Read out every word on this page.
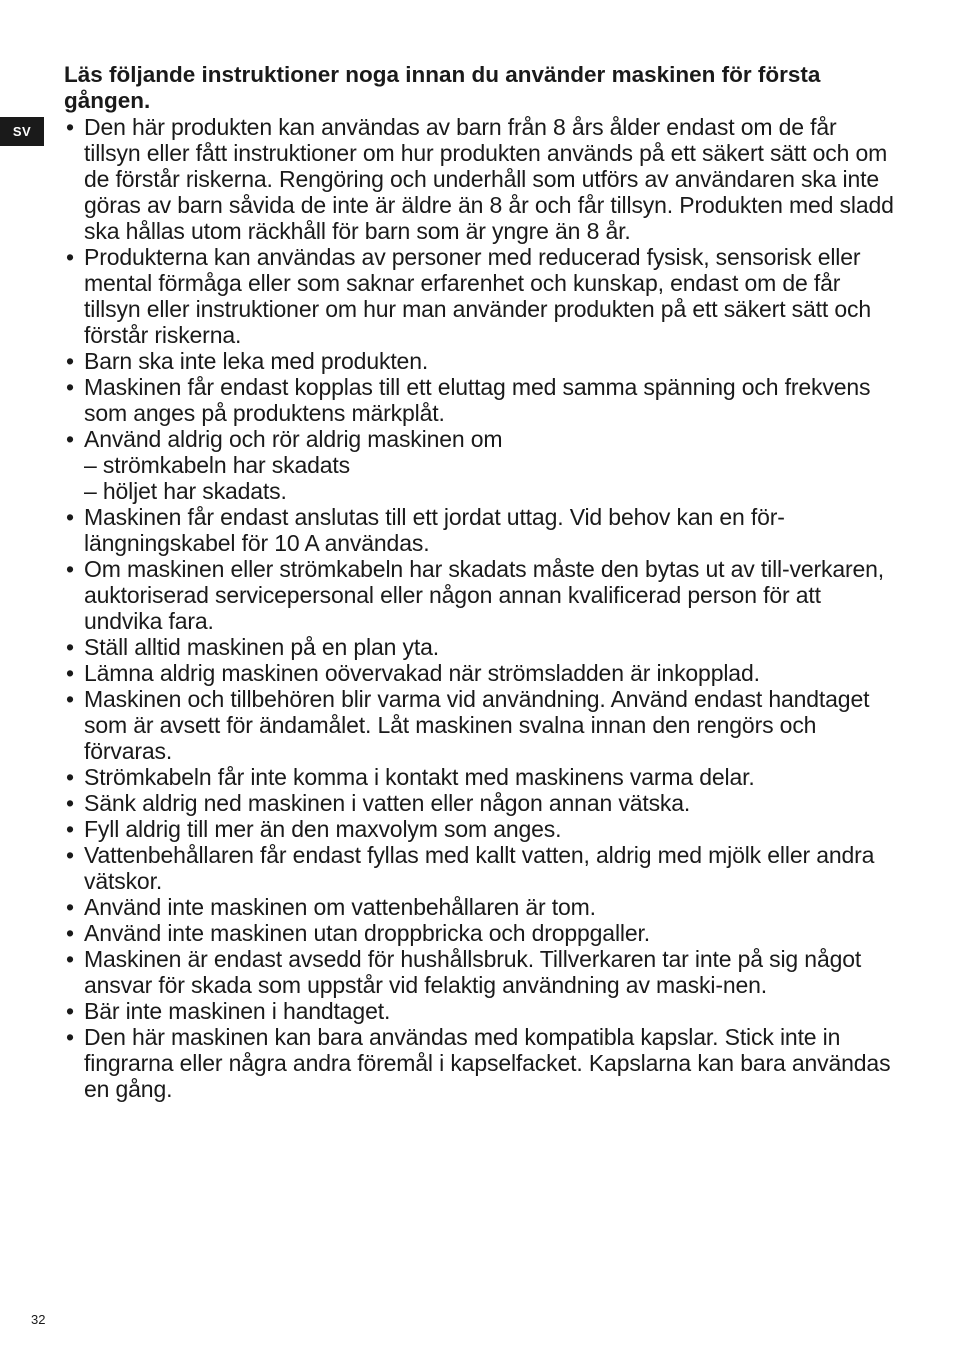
SV
Läs följande instruktioner noga innan du använder maskinen för första gången.
• Den här produkten kan användas av barn från 8 års ålder endast om de får tillsyn eller fått instruktioner om hur produkten används på ett säkert sätt och om de förstår riskerna. Rengöring och underhåll som utförs av användaren ska inte göras av barn såvida de inte är äldre än 8 år och får tillsyn. Produkten med sladd ska hållas utom räckhåll för barn som är yngre än 8 år.
• Produkterna kan användas av personer med reducerad fysisk, sensorisk eller mental förmåga eller som saknar erfarenhet och kunskap, endast om de får tillsyn eller instruktioner om hur man använder produkten på ett säkert sätt och förstår riskerna.
• Barn ska inte leka med produkten.
• Maskinen får endast kopplas till ett eluttag med samma spänning och frekvens som anges på produktens märkplåt.
• Använd aldrig och rör aldrig maskinen om
– strömkabeln har skadats
– höljet har skadats.
• Maskinen får endast anslutas till ett jordat uttag. Vid behov kan en för-längningskabel för 10 A användas.
• Om maskinen eller strömkabeln har skadats måste den bytas ut av till-verkaren, auktoriserad servicepersonal eller någon annan kvalificerad person för att undvika fara.
• Ställ alltid maskinen på en plan yta.
• Lämna aldrig maskinen oövervakad när strömsladden är inkopplad.
• Maskinen och tillbehören blir varma vid användning. Använd endast handtaget som är avsett för ändamålet. Låt maskinen svalna innan den rengörs och förvaras.
• Strömkabeln får inte komma i kontakt med maskinens varma delar.
• Sänk aldrig ned maskinen i vatten eller någon annan vätska.
• Fyll aldrig till mer än den maxvolym som anges.
• Vattenbehållaren får endast fyllas med kallt vatten, aldrig med mjölk eller andra vätskor.
• Använd inte maskinen om vattenbehållaren är tom.
• Använd inte maskinen utan droppbricka och droppgaller.
• Maskinen är endast avsedd för hushållsbruk. Tillverkaren tar inte på sig något ansvar för skada som uppstår vid felaktig användning av maski-nen.
• Bär inte maskinen i handtaget.
• Den här maskinen kan bara användas med kompatibla kapslar. Stick inte in fingrarna eller några andra föremål i kapselfacket. Kapslarna kan bara användas en gång.
32
